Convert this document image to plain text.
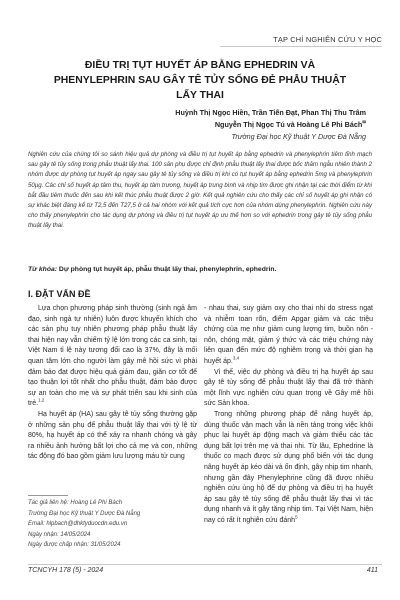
TẠP CHÍ NGHIÊN CỨU Y HỌC
ĐIỀU TRỊ TỤT HUYẾT ÁP BẰNG EPHEDRIN VÀ
PHENYLEPHRIN SAU GÂY TÊ TỦY SỐNG ĐẺ PHẪU THUẬT
LẤY THAI
Huỳnh Thị Ngọc Hiền, Trần Tiến Đạt, Phan Thị Thu Trâm
Nguyễn Thị Ngọc Tú và Hoàng Lê Phi Bách✉
Trường Đại học Kỹ thuật Y Dược Đà Nẵng
Nghiên cứu của chúng tôi so sánh hiệu quả dự phòng và điều trị tụt huyết áp bằng ephedrin và phenylephrin tiêm tĩnh mạch sau gây tê tủy sống trong phẫu thuật lấy thai. 100 sản phụ được chỉ định phẫu thuật lấy thai được bốc thăm ngẫu nhiên thành 2 nhóm được dự phòng tụt huyết áp ngay sau gây tê tủy sống và điều trị khi có tụt huyết áp bằng ephedrin 5mg và phenylephrin 50µg. Các chỉ số huyết áp tâm thu, huyết áp tâm trương, huyết áp trung bình và nhịp tim được ghi nhận tại các thời điểm từ khi bắt đầu tiêm thuốc đến sau khi kết thúc phẫu thuật được 2 giờ. Kết quả nghiên cứu cho thấy các chỉ số huyết áp ghi nhận có sự khác biệt đáng kể từ T2,5 đến T27,5 ở cả hai nhóm với kết quả tích cực hơn của nhóm dùng phenylephrin. Nghiên cứu này cho thấy phenylephrin cho tác dụng dự phòng và điều trị tụt huyết áp ưu thế hơn so với ephedrin trong gây tê tủy sống phẫu thuật lấy thai.
Từ khóa: Dự phòng tụt huyết áp, phẫu thuật lấy thai, phenylephrin, ephedrin.
I. ĐẶT VẤN ĐỀ

Lựa chọn phương pháp sinh thường (sinh ngả âm đạo, sinh ngả tự nhiên) luôn được khuyến khích cho các sản phụ tuy nhiên phương pháp phẫu thuật lấy thai hiện nay vẫn chiếm tỷ lệ lớn trong các ca sinh, tại Việt Nam tỉ lệ này tương đối cao là 37%, đây là mối quan tâm lớn cho người làm gây mê hồi sức vì phải đảm bảo đạt được hiệu quả giảm đau, giãn cơ tốt để tạo thuận lợi tốt nhất cho phẫu thuật, đảm bảo được sự an toàn cho mẹ và sự phát triển sau khi sinh của trẻ.$^{1,2}$

Hạ huyết áp (HA) sau gây tê tủy sống thường gặp ở những sản phụ để phẫu thuật lấy thai với tỷ lệ từ 80%, hạ huyết áp có thể xảy ra nhanh chóng và gây ra nhiều ảnh hưởng bất lợi cho cả mẹ và con, những tác động đó bao gồm giảm lưu lượng máu tử cung

- nhau thai, suy giảm oxy cho thai nhi do stress ngạt và nhiễm toan rõn, điểm Apgar giảm và các triệu chứng của mẹ như giảm cung lượng tim, buồn nôn - nôn, chóng mặt, giảm ý thức và các triệu chứng này liên quan đến mức độ nghiêm trọng và thời gian hạ huyết áp.$^{3,4}$

Vì thế, việc dự phòng và điều trị hạ huyết áp sau gây tê tủy sống để phẫu thuật lấy thai đã trở thành một lĩnh vực nghiên cứu quan trọng về Gây mê hồi sức Sản khoa.

Trong những phương pháp để nâng huyết áp, dùng thuốc vận mạch vẫn là nền tảng trong việc khôi phục lại huyết áp động mạch và giảm thiểu các tác dụng bất lợi trên mẹ và thai nhi. Từ lâu, Ephedrine là thuốc co mạch được sử dụng phổ biến với tác dụng nâng huyết áp kéo dài và ổn định, gây nhịp tim nhanh, nhưng gần đây Phenylephrine cũng đã được nhiều nghiên cứu ủng hộ để dự phòng và điều trị hạ huyết áp sau gây tê tủy sống để phẫu thuật lấy thai vì tác dụng nhanh và ít gây tăng nhịp tim. Tại Việt Nam, hiện nay có rất ít nghiên cứu đánh$^5$

Tác giả liên hệ: Hoàng Lê Phi Bách
Trường Đại học Kỹ thuật Y Dược Đà Nẵng
Email: hlpbach@dhktyduocdn.edu.vn
Ngày nhận: 14/05/2024
Ngày được chấp nhận: 31/05/2024
TCNCYH 178 (5) - 2024	411
